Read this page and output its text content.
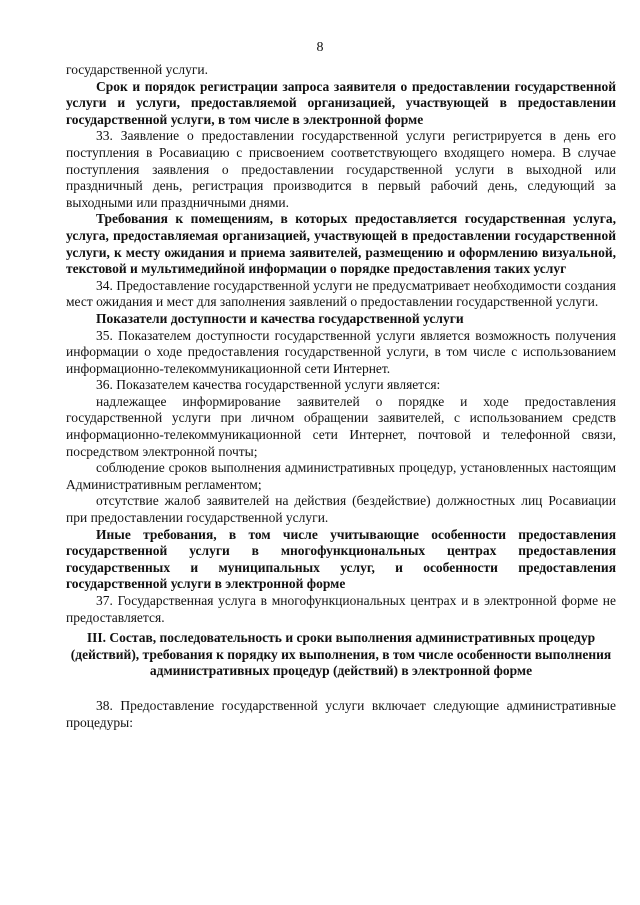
8

государственной услуги.

Срок и порядок регистрации запроса заявителя о предоставлении государственной услуги и услуги, предоставляемой организацией, участвующей в предоставлении государственной услуги, в том числе в электронной форме

33. Заявление о предоставлении государственной услуги регистрируется в день его поступления в Росавиацию с присвоением соответствующего входящего номера. В случае поступления заявления о предоставлении государственной услуги в выходной или праздничный день, регистрация производится в первый рабочий день, следующий за выходными или праздничными днями.

Требования к помещениям, в которых предоставляется государственная услуга, услуга, предоставляемая организацией, участвующей в предоставлении государственной услуги, к месту ожидания и приема заявителей, размещению и оформлению визуальной, текстовой и мультимедийной информации о порядке предоставления таких услуг

34. Предоставление государственной услуги не предусматривает необходимости создания мест ожидания и мест для заполнения заявлений о предоставлении государственной услуги.

Показатели доступности и качества государственной услуги

35. Показателем доступности государственной услуги является возможность получения информации о ходе предоставления государственной услуги, в том числе с использованием информационно-телекоммуникационной сети Интернет.

36. Показателем качества государственной услуги является:

надлежащее информирование заявителей о порядке и ходе предоставления государственной услуги при личном обращении заявителей, с использованием средств информационно-телекоммуникационной сети Интернет, почтовой и телефонной связи, посредством электронной почты;

соблюдение сроков выполнения административных процедур, установленных настоящим Административным регламентом;

отсутствие жалоб заявителей на действия (бездействие) должностных лиц Росавиации при предоставлении государственной услуги.

Иные требования, в том числе учитывающие особенности предоставления государственной услуги в многофункциональных центрах предоставления государственных и муниципальных услуг, и особенности предоставления государственной услуги в электронной форме

37. Государственная услуга в многофункциональных центрах и в электронной форме не предоставляется.

III. Состав, последовательность и сроки выполнения административных процедур (действий), требования к порядку их выполнения, в том числе особенности выполнения административных процедур (действий) в электронной форме

38. Предоставление государственной услуги включает следующие административные процедуры:
